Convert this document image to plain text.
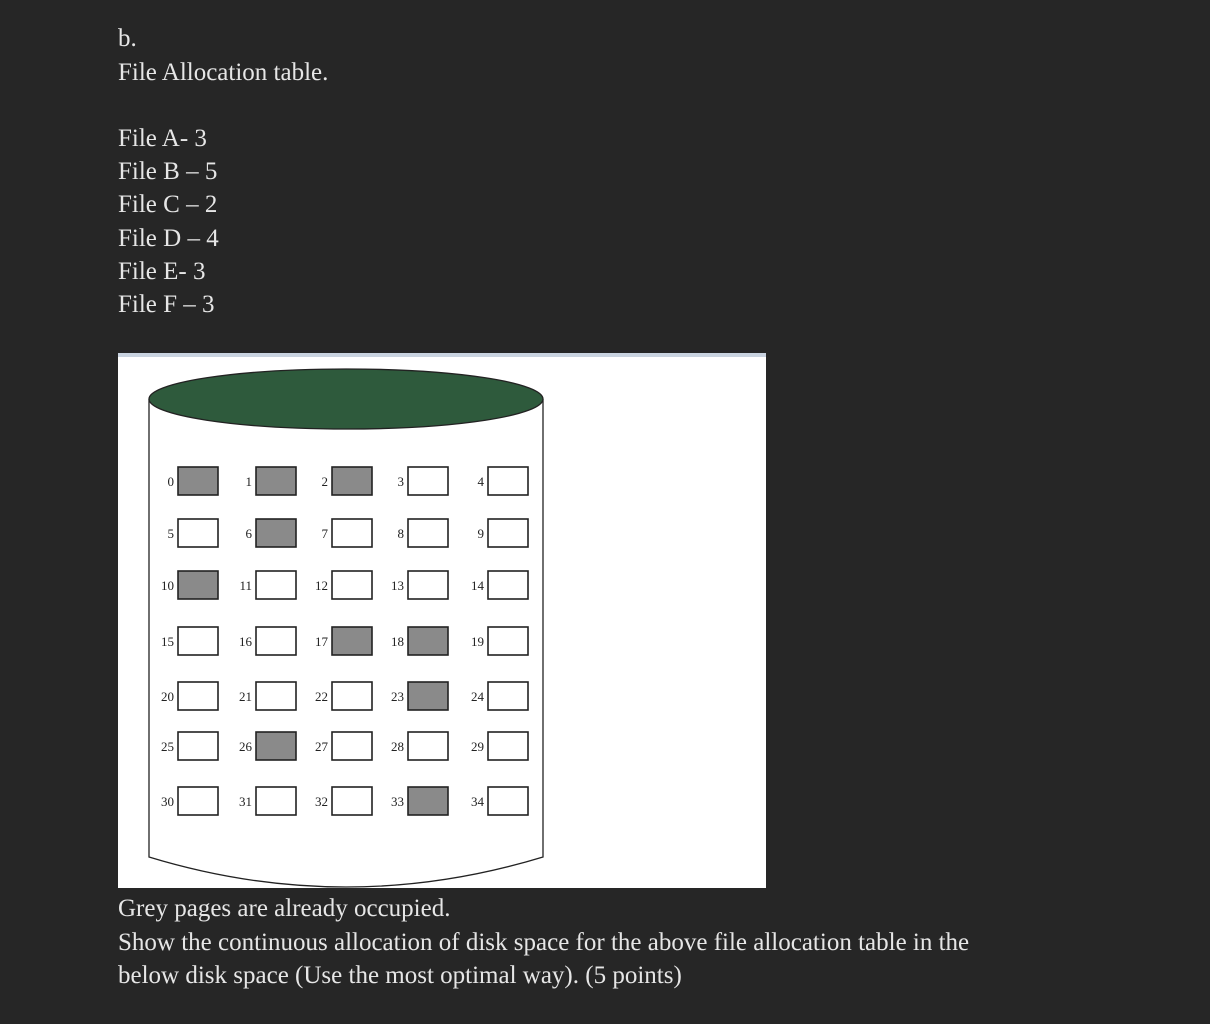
b.
File Allocation table.
File A- 3
File B – 5
File C – 2
File D – 4
File E- 3
File F – 3
0	1	2	3	4
5	6	7	8	9
10	11	12	13	14
15	16	17	18	19
20	21	22	23	24
25	26	27	28	29
30	31	32	33	34
Grey pages are already occupied.
Show the continuous allocation of disk space for the above file allocation table in the
below disk space (Use the most optimal way). (5 points)
